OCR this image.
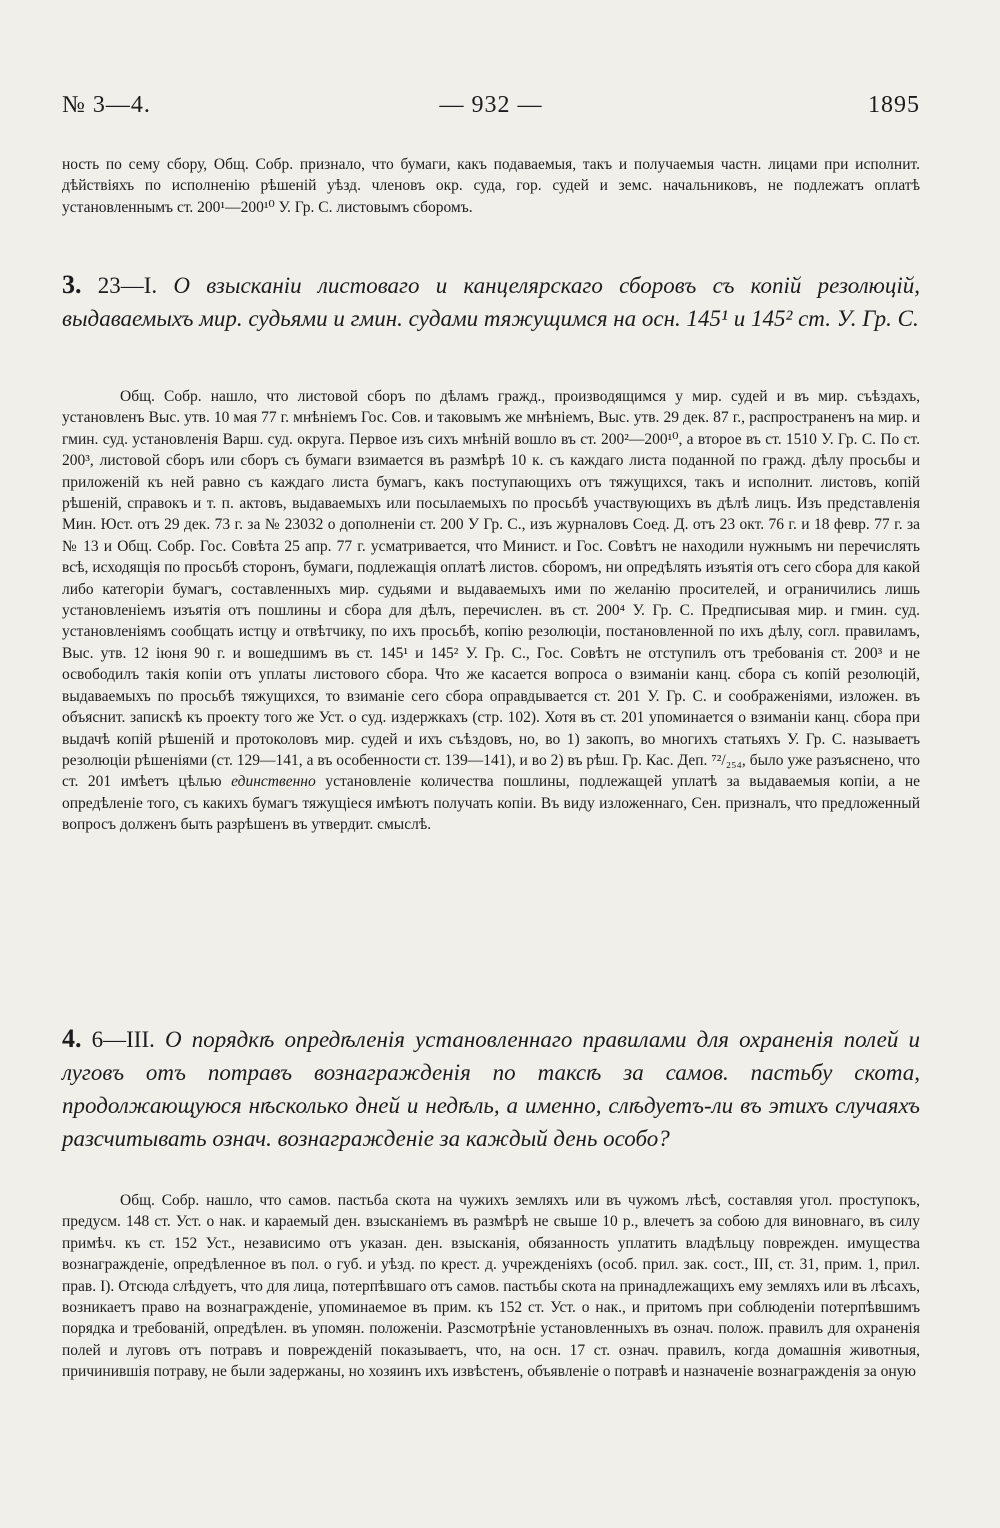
№ 3—4.	— 932 —	1895

ность по сему сбору, Общ. Собр. признало, что бумаги, какъ подаваемыя, такъ и получаемыя частн. лицами при исполнит. дѣйствіяхъ по исполненію рѣшеній уѣзд. членовъ окр. суда, гор. судей и земс. начальниковъ, не подлежатъ оплатѣ установленнымъ ст. 200¹—200¹⁰ У. Гр. С. листовымъ сборомъ.

3. 23—I. О взысканіи листоваго и канцелярскаго сборовъ съ копій резолюцій, выдаваемыхъ мир. судьями и гмин. судами тяжущимся на осн. 145¹ и 145² ст. У. Гр. С.

Общ. Собр. нашло, что листовой сборъ по дѣламъ гражд., производящимся у мир. судей и въ мир. съѣздахъ, установленъ Выс. утв. 10 мая 77 г. мнѣніемъ Гос. Сов. и таковымъ же мнѣніемъ, Выс. утв. 29 дек. 87 г., распространенъ на мир. и гмин. суд. установленія Варш. суд. округа. Первое изъ сихъ мнѣній вошло въ ст. 200²—200¹⁰, а второе въ ст. 1510 У. Гр. С. По ст. 200³, листовой сборъ или сборъ съ бумаги взимается въ размѣрѣ 10 к. съ каждаго листа поданной по гражд. дѣлу просьбы и приложеній къ ней равно съ каждаго листа бумагъ, какъ поступающихъ отъ тяжущихся, такъ и исполнит. листовъ, копій рѣшеній, справокъ и т. п. актовъ, выдаваемыхъ или посылаемыхъ по просьбѣ участвующихъ въ дѣлѣ лицъ. Изъ представленія Мин. Юст. отъ 29 дек. 73 г. за № 23032 о дополненіи ст. 200 У Гр. С., изъ журналовъ Соед. Д. отъ 23 окт. 76 г. и 18 февр. 77 г. за № 13 и Общ. Собр. Гос. Совѣта 25 апр. 77 г. усматривается, что Минист. и Гос. Совѣтъ не находили нужнымъ ни перечислять всѣ, исходящія по просьбѣ сторонъ, бумаги, подлежащія оплатѣ листов. сборомъ, ни опредѣлять изъятія отъ сего сбора для какой либо категоріи бумагъ, составленныхъ мир. судьями и выдаваемыхъ ими по желанію просителей, и ограничились лишь установленіемъ изъятія отъ пошлины и сбора для дѣлъ, перечислен. въ ст. 200⁴ У. Гр. С. Предписывая мир. и гмин. суд. установленіямъ сообщать истцу и отвѣтчику, по ихъ просьбѣ, копію резолюціи, постановленной по ихъ дѣлу, согл. правиламъ, Выс. утв. 12 іюня 90 г. и вошедшимъ въ ст. 145¹ и 145² У. Гр. С., Гос. Совѣтъ не отступилъ отъ требованія ст. 200³ и не освободилъ такія копіи отъ уплаты листового сбора. Что же касается вопроса о взиманіи канц. сбора съ копій резолюцій, выдаваемыхъ по просьбѣ тяжущихся, то взиманіе сего сбора оправдывается ст. 201 У. Гр. С. и соображеніями, изложен. въ объяснит. запискѣ къ проекту того же Уст. о суд. издержкахъ (стр. 102). Хотя въ ст. 201 упоминается о взиманіи канц. сбора при выдачѣ копій рѣшеній и протоколовъ мир. судей и ихъ съѣздовъ, но, во 1) закопъ, во многихъ статьяхъ У. Гр. С. называетъ резолюціи рѣшеніями (ст. 129—141, а въ особенности ст. 139—141), и во 2) въ рѣш. Гр. Кас. Деп. ⁷²/₂₅₄, было уже разъяснено, что ст. 201 имѣетъ цѣлью единственно установленіе количества пошлины, подлежащей уплатѣ за выдаваемыя копіи, а не опредѣленіе того, съ какихъ бумагъ тяжущіеся имѣютъ получать копіи. Въ виду изложеннаго, Сен. призналъ, что предложенный вопросъ долженъ быть разрѣшенъ въ утвердит. смыслѣ.

4. 6—III. О порядкѣ опредѣленія установленнаго правилами для охраненія полей и луговъ отъ потравъ вознагражденія по таксѣ за самов. пастьбу скота, продолжающуюся нѣсколько дней и недѣль, а именно, слѣдуетъ-ли въ этихъ случаяхъ разсчитывать означ. вознагражденіе за каждый день особо?

Общ. Собр. нашло, что самов. пастьба скота на чужихъ земляхъ или въ чужомъ лѣсѣ, составляя угол. проступокъ, предусм. 148 ст. Уст. о нак. и караемый ден. взысканіемъ въ размѣрѣ не свыше 10 р., влечетъ за собою для виновнаго, въ силу примѣч. къ ст. 152 Уст., независимо отъ указан. ден. взысканія, обязанность уплатить владѣльцу поврежден. имущества вознагражденіе, опредѣленное въ пол. о губ. и уѣзд. по крест. д. учрежденіяхъ (особ. прил. зак. сост., III, ст. 31, прим. 1, прил. прав. I). Отсюда слѣдуетъ, что для лица, потерпѣвшаго отъ самов. пастьбы скота на принадлежащихъ ему земляхъ или въ лѣсахъ, возникаетъ право на вознагражденіе, упоминаемое въ прим. къ 152 ст. Уст. о нак., и притомъ при соблюденіи потерпѣвшимъ порядка и требованій, опредѣлен. въ упомян. положеніи. Разсмотрѣніе установленныхъ въ означ. полож. правилъ для охраненія полей и луговъ отъ потравъ и поврежденій показываетъ, что, на осн. 17 ст. означ. правилъ, когда домашнія животныя, причинившія потраву, не были задержаны, но хозяинъ ихъ извѣстенъ, объявленіе о потравѣ и назначеніе вознагражденія за оную
